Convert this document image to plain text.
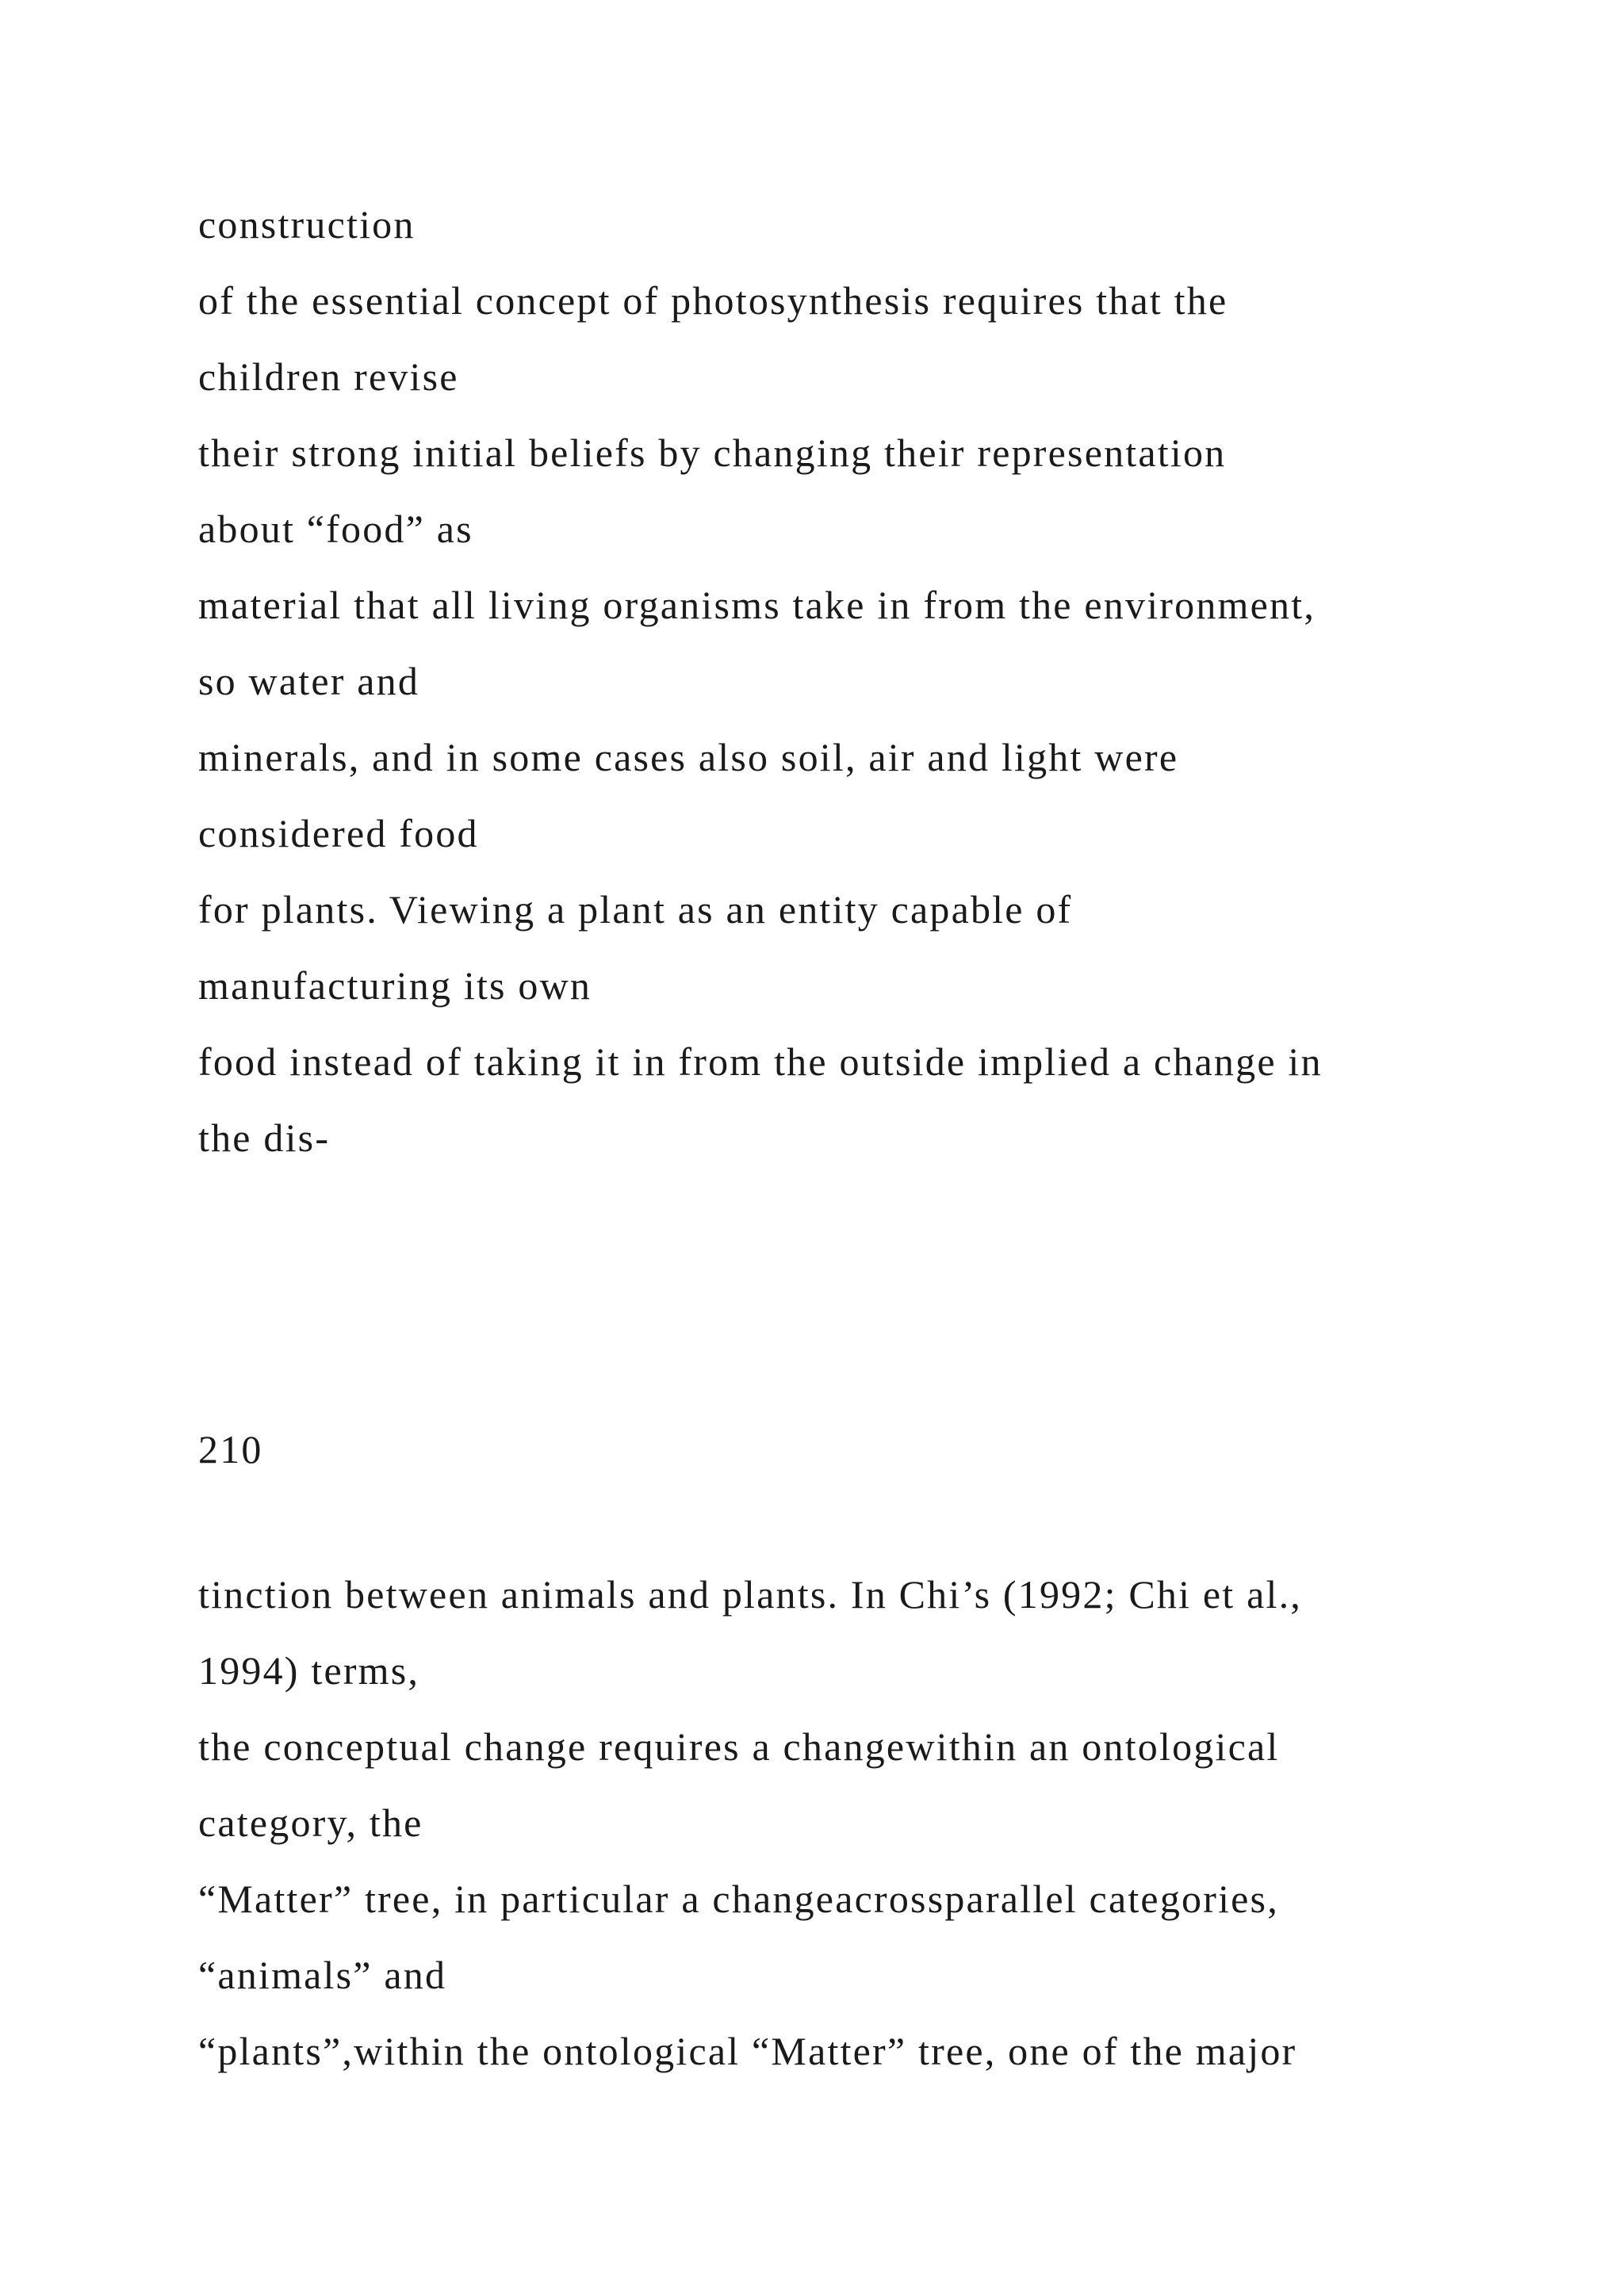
construction
of the essential concept of photosynthesis requires that the
children revise
their strong initial beliefs by changing their representation
about “food” as
material that all living organisms take in from the environment,
so water and
minerals, and in some cases also soil, air and light were
considered food
for plants. Viewing a plant as an entity capable of
manufacturing its own
food instead of taking it in from the outside implied a change in
the dis-
210
tinction between animals and plants. In Chi’s (1992; Chi et al.,
1994) terms,
the conceptual change requires a changewithin an ontological
category, the
“Matter” tree, in particular a changeacrossparallel categories,
“animals” and
“plants”,within the ontological “Matter” tree, one of the major
